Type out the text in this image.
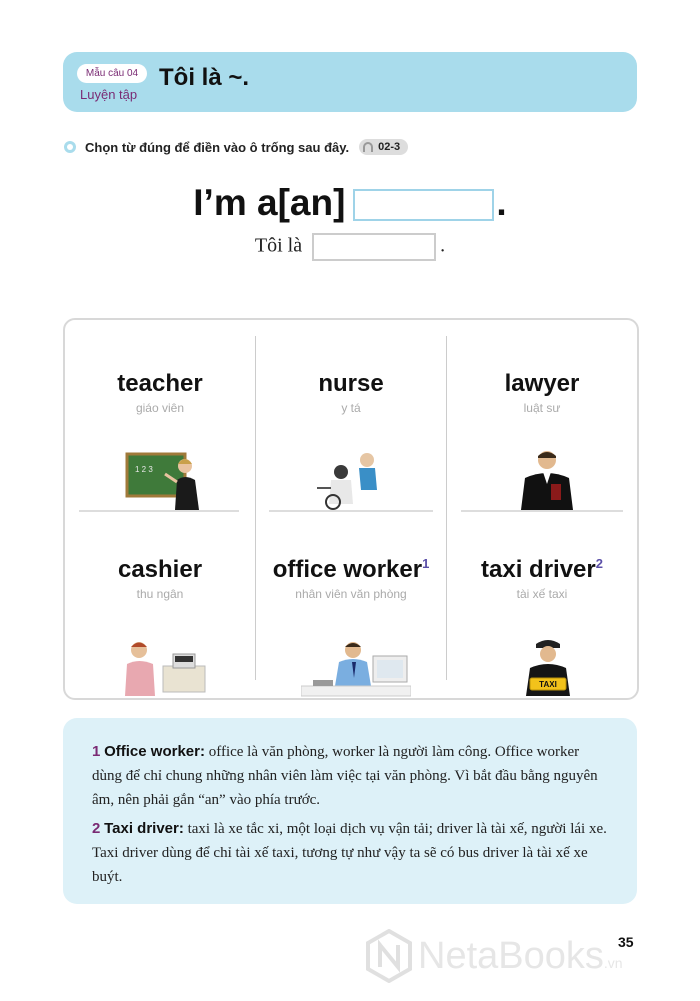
Mẫu câu 04
Luyện tập
Tôi là ~.
Chọn từ đúng để điền vào ô trống sau đây.	02-3
I’m a[an]	.
Tôi là	.
teacher
giáo viên
1 2 3
nurse
y tá
lawyer
luật sư
cashier
thu ngân
office worker$^1$
nhân viên văn phòng
taxi driver$^2$
tài xế taxi
TAXI
1 Office worker: office là văn phòng, worker là người làm công. Office worker dùng để chỉ chung những nhân viên làm việc tại văn phòng. Vì bắt đầu bằng nguyên âm, nên phải gắn “an” vào phía trước.
2 Taxi driver: taxi là xe tắc xi, một loại dịch vụ vận tải; driver là tài xế, người lái xe. Taxi driver dùng để chỉ tài xế taxi, tương tự như vậy ta sẽ có bus driver là tài xế xe buýt.
35
NetaBooks.vn
